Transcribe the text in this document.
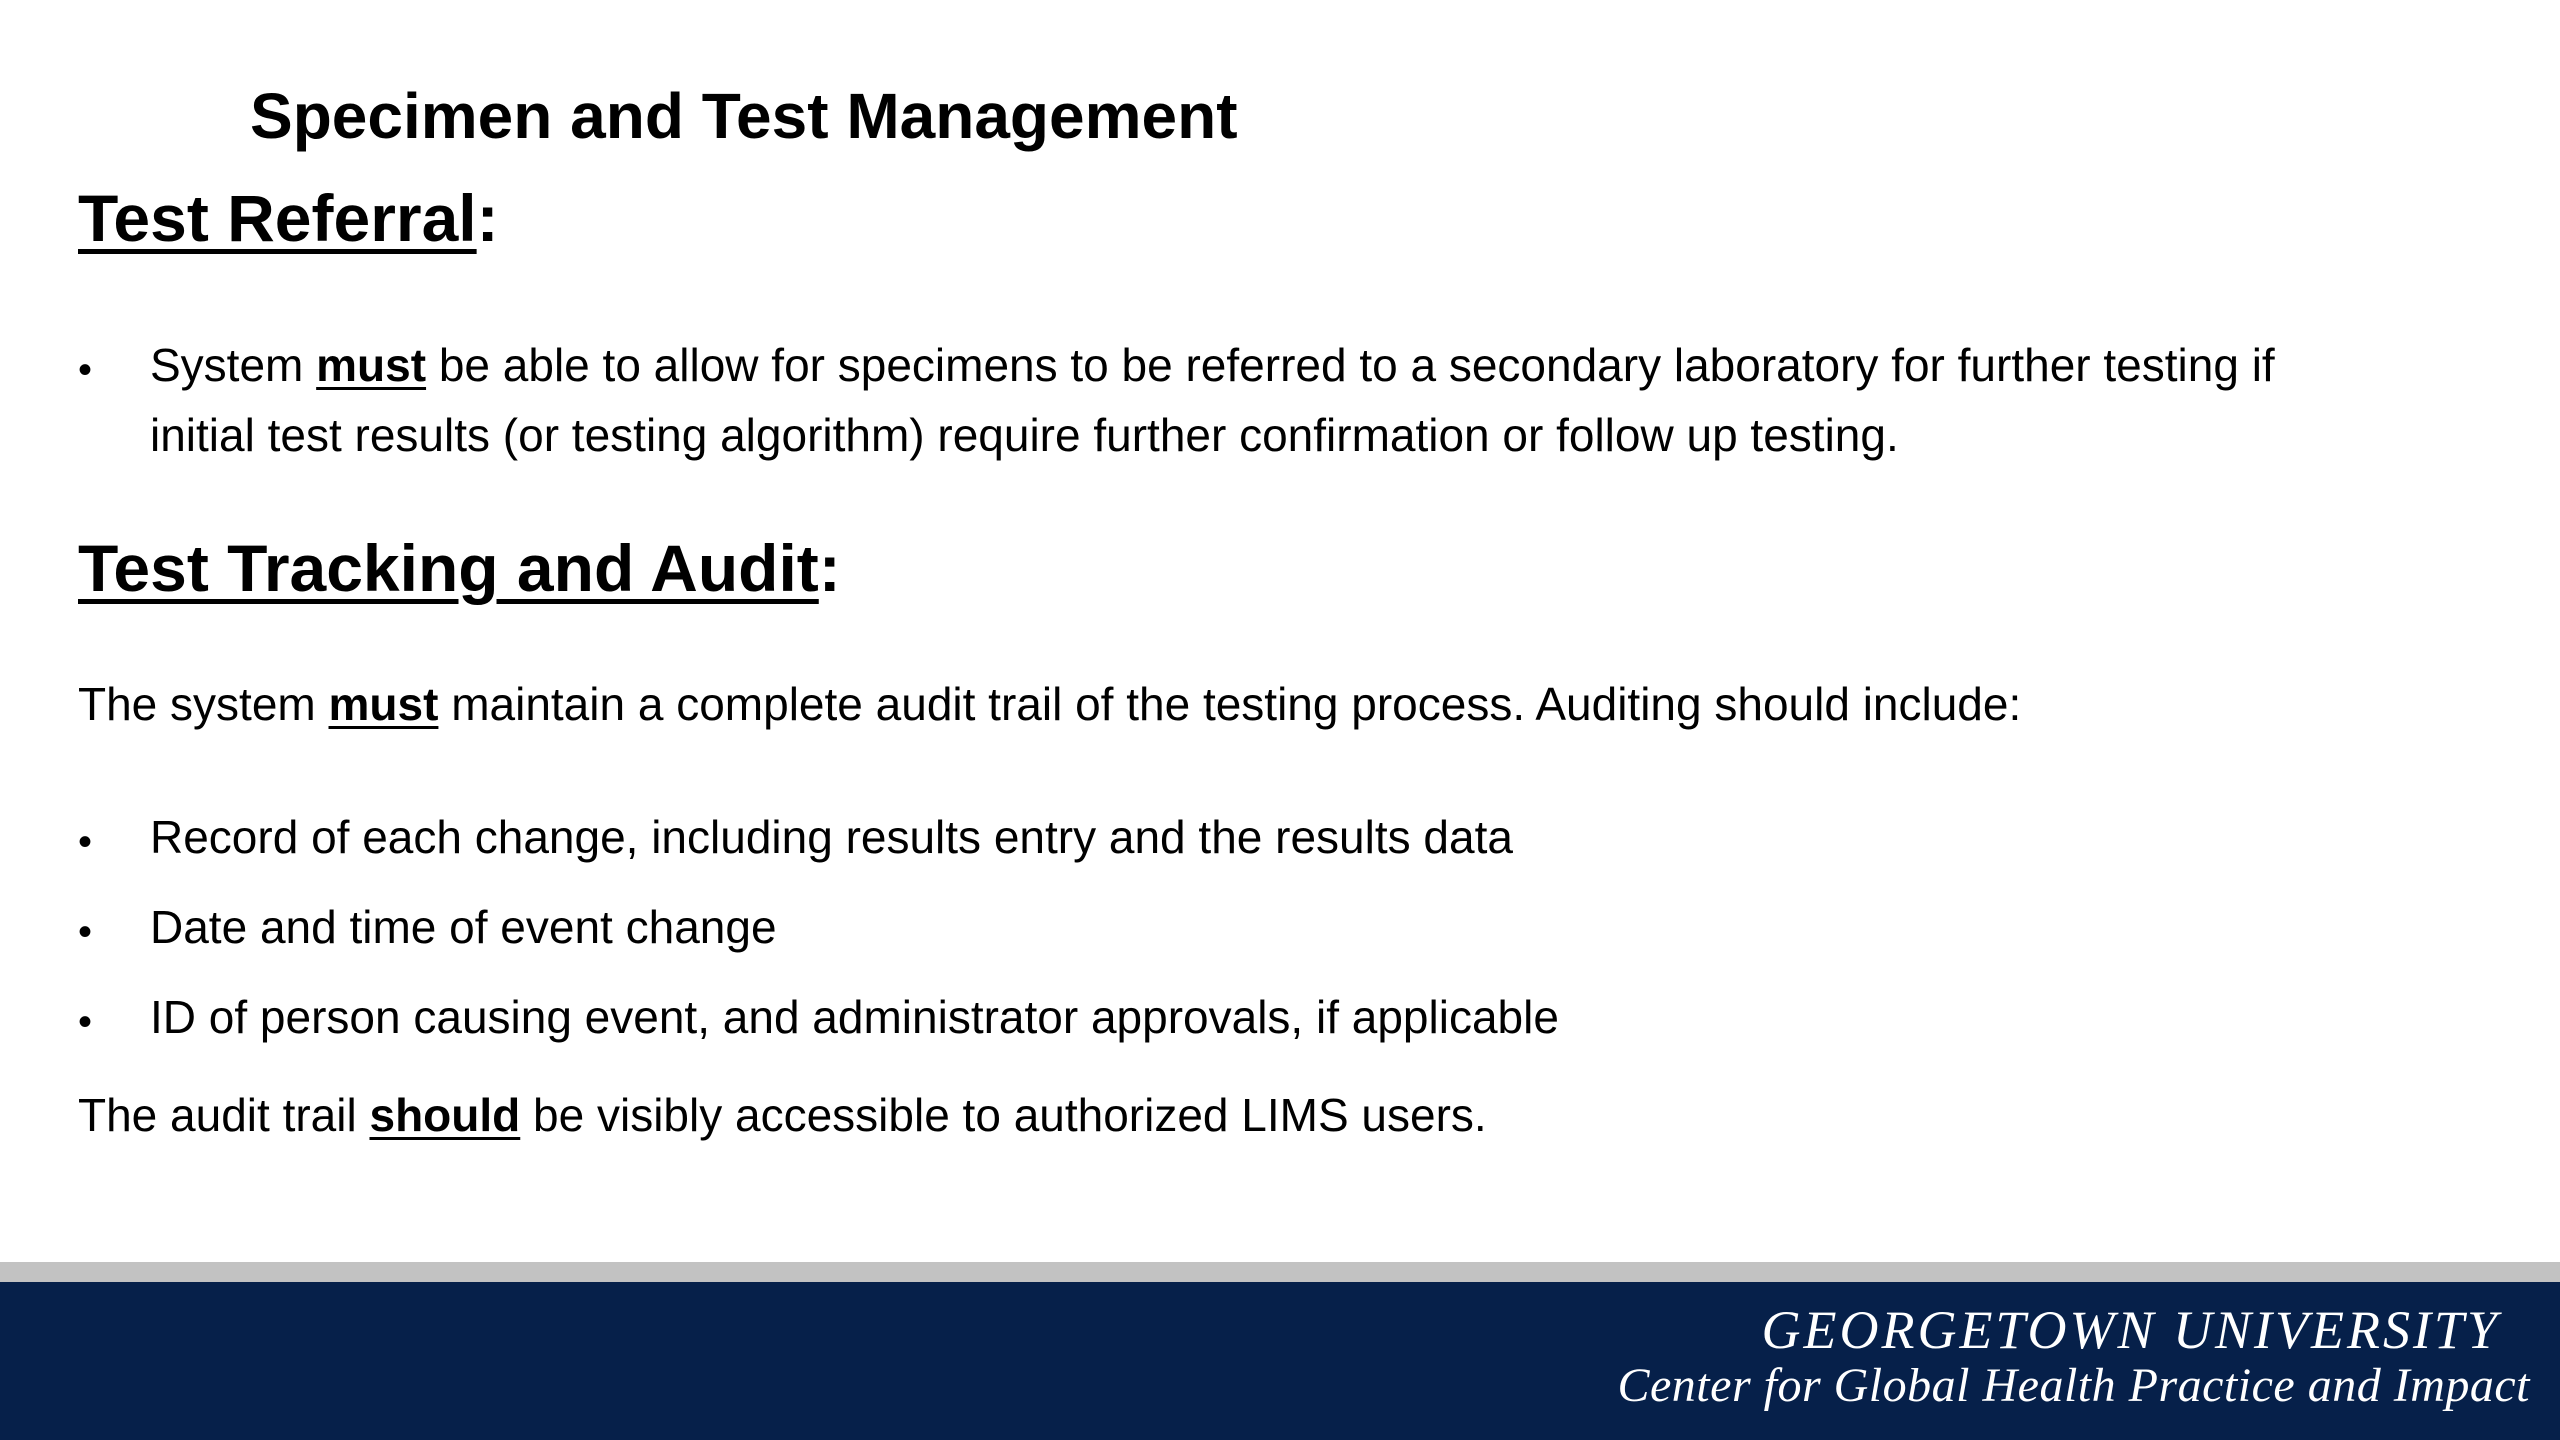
Specimen and Test Management
Test Referral:
•	System must be able to allow for specimens to be referred to a secondary laboratory for further testing if
initial test results (or testing algorithm) require further confirmation or follow up testing.
Test Tracking and Audit:

The system must maintain a complete audit trail of the testing process. Auditing should include:

•	Record of each change, including results entry and the results data
•	Date and time of event change
•	ID of person causing event, and administrator approvals, if applicable

The audit trail should be visibly accessible to authorized LIMS users.

GEORGETOWN UNIVERSITY
Center for Global Health Practice and Impact
